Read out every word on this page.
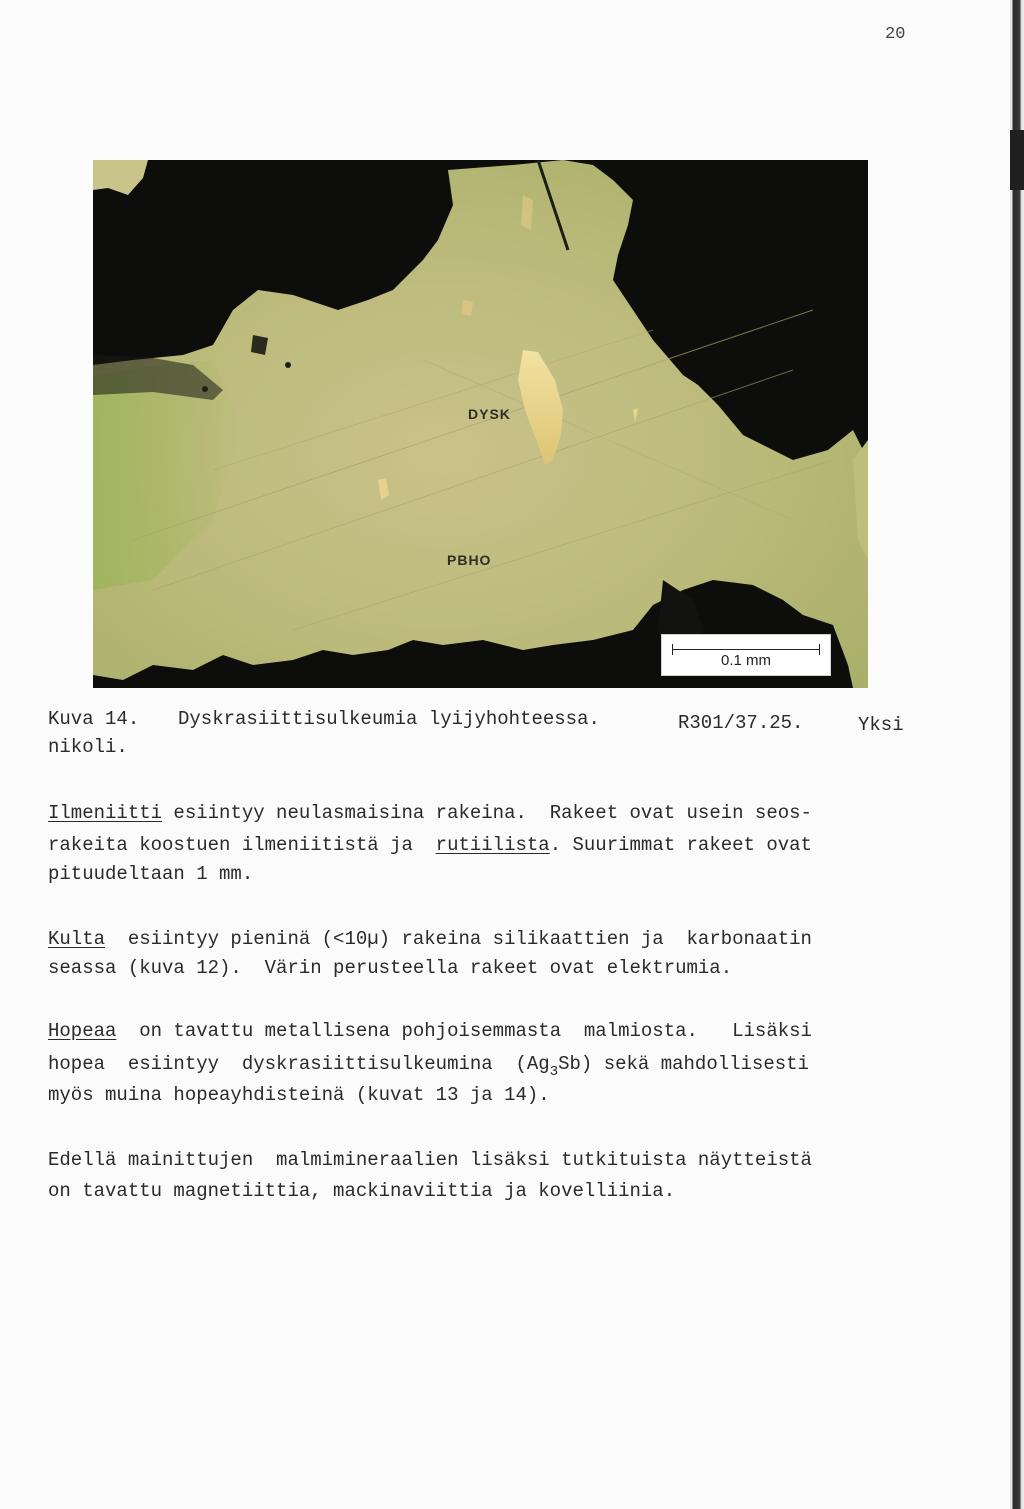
20
DYSK
PBHO
0.1 mm
Kuva 14. Dyskrasiittisulkeumia lyijyhohteessa.	R301/37.25.	Yksi
nikoli.
Ilmeniitti esiintyy neulasmaisina rakeina.  Rakeet ovat usein seos-
rakeita koostuen ilmeniitistä ja  rutiilista. Suurimmat rakeet ovat
pituudeltaan 1 mm.
Kulta  esiintyy pieninä (<10µ) rakeina silikaattien ja  karbonaatin
seassa (kuva 12).  Värin perusteella rakeet ovat elektrumia.
Hopeaa  on tavattu metallisena pohjoisemmasta  malmiosta.   Lisäksi
hopea  esiintyy  dyskrasiittisulkeumina  $(Ag_3Sb)$ sekä mahdollisesti
myös muina hopeayhdisteinä (kuvat 13 ja 14).
Edellä mainittujen  malmimineraalien lisäksi tutkituista näytteistä
on tavattu magnetiittia, mackinaviittia ja kovelliinia.
